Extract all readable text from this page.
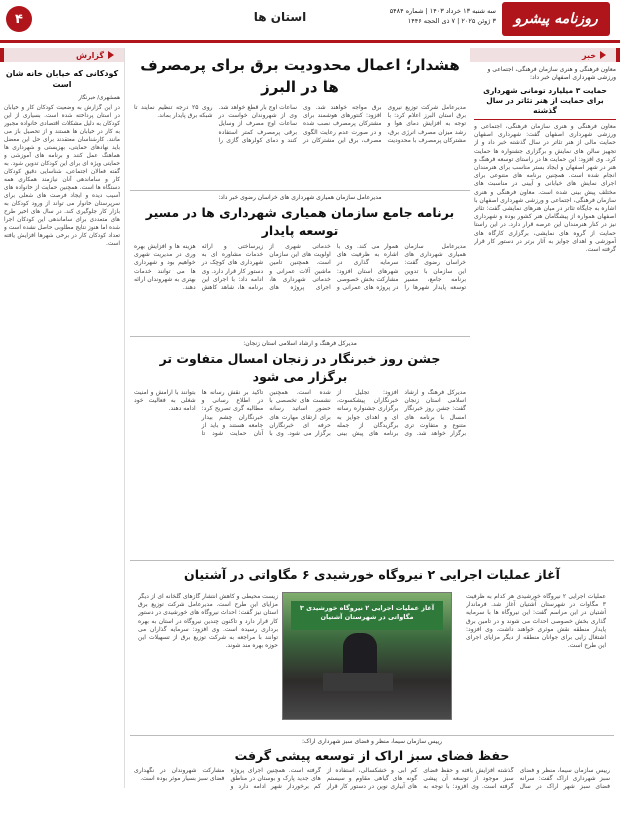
روزنامه پیشرو
سه شنبه ۱۳ خرداد ۱۴۰۳ | شماره ۵۴۸۴
۳ ژوئن ۲۰۲۵ | ۷ ذی الحجه ۱۴۴۶
استان ها
۴
خبر
معاون فرهنگی و هنری سازمان فرهنگی، اجتماعی و ورزشی شهرداری اصفهان خبر داد:
حمایت ۳ میلیارد تومانی شهرداری برای حمایت از هنر تئاتر در سال گذشته
معاون فرهنگی و هنری سازمان فرهنگی، اجتماعی و ورزشی شهرداری اصفهان گفت: شهرداری اصفهان حمایت مالی از هنر تئاتر در سال گذشته خبر داد و از تجهیز سالن های نمایش و برگزاری جشنواره ها حمایت کرد. وی افزود: این حمایت ها در راستای توسعه فرهنگ و هنر در شهر اصفهان و ایجاد بستر مناسب برای هنرمندان انجام شده است. همچنین برنامه های متنوعی برای اجرای نمایش های خیابانی و آیینی در مناسبت های مختلف پیش بینی شده است. معاون فرهنگی و هنری سازمان فرهنگی، اجتماعی و ورزشی شهرداری اصفهان با اشاره به جایگاه تئاتر در میان هنرهای نمایشی گفت: تئاتر اصفهان همواره از پیشگامان هنر کشور بوده و شهرداری نیز در کنار هنرمندان این عرصه قرار دارد. در این راستا حمایت از گروه های نمایشی، برگزاری کارگاه های آموزشی و اهدای جوایز به آثار برتر در دستور کار قرار گرفته است.
گزارش
کودکانی که خیابان خانه شان است
همشهری/ خبرنگار
در این گزارش به وضعیت کودکان کار و خیابان در استان پرداخته شده است. بسیاری از این کودکان به دلیل مشکلات اقتصادی خانواده مجبور به کار در خیابان ها هستند و از تحصیل باز می مانند. کارشناسان معتقدند برای حل این معضل باید نهادهای حمایتی، بهزیستی و شهرداری ها هماهنگ عمل کنند و برنامه های آموزشی و حمایتی ویژه ای برای این کودکان تدوین شود. به گفته فعالان اجتماعی، شناسایی دقیق کودکان کار و ساماندهی آنان نیازمند همکاری همه دستگاه ها است. همچنین حمایت از خانواده های آسیب دیده و ایجاد فرصت های شغلی برای سرپرستان خانوار می تواند از ورود کودکان به بازار کار جلوگیری کند. در سال های اخیر طرح های متعددی برای ساماندهی این کودکان اجرا شده اما هنوز نتایج مطلوبی حاصل نشده است و تعداد کودکان کار در برخی شهرها افزایش یافته است.
هشدار؛ اعمال محدودیت برق برای پرمصرف ها در البرز
مدیرعامل شرکت توزیع نیروی برق استان البرز اعلام کرد: با توجه به افزایش دمای هوا و رشد میزان مصرف انرژی برق، مشترکان پرمصرف با محدودیت برق مواجه خواهند شد. وی افزود: کنتورهای هوشمند برای مشترکان پرمصرف نصب شده و در صورت عدم رعایت الگوی مصرف، برق این مشترکان در ساعات اوج بار قطع خواهد شد. وی از شهروندان خواست در ساعات اوج مصرف از وسایل برقی پرمصرف کمتر استفاده کنند و دمای کولرهای گازی را روی ۲۵ درجه تنظیم نمایند تا شبکه برق پایدار بماند.
مدیرعامل سازمان همیاری شهرداری های خراسان رضوی خبر داد:
برنامه جامع سازمان همیاری شهرداری ها در مسیر توسعه پایدار
مدیرعامل سازمان همیاری شهرداری های خراسان رضوی گفت: این سازمان با تدوین برنامه جامع، مسیر توسعه پایدار شهرها را هموار می کند. وی با اشاره به ظرفیت های سرمایه گذاری در شهرهای استان افزود: مشارکت بخش خصوصی در پروژه های عمرانی و خدماتی شهری از اولویت های این سازمان است. همچنین تامین ماشین آلات عمرانی و خدماتی شهرداری ها، اجرای پروژه های زیرساختی و ارائه خدمات مشاوره ای به شهرداری های کوچک در دستور کار قرار دارد. وی ادامه داد: با اجرای این برنامه ها، شاهد کاهش هزینه ها و افزایش بهره وری در مدیریت شهری خواهیم بود و شهرداری ها می توانند خدمات بهتری به شهروندان ارائه دهند.
مدیرکل فرهنگ و ارشاد اسلامی استان زنجان:
جشن روز خبرنگار در زنجان امسال متفاوت تر برگزار می شود
مدیرکل فرهنگ و ارشاد اسلامی استان زنجان گفت: جشن روز خبرنگار امسال با برنامه های متنوع و متفاوت تری برگزار خواهد شد. وی افزود: تجلیل از خبرنگاران پیشکسوت، برگزاری جشنواره رسانه ای و اهدای جوایز به برگزیدگان از جمله برنامه های پیش بینی شده است. همچنین نشست های تخصصی با حضور اساتید رسانه برای ارتقای مهارت های حرفه ای خبرنگاران برگزار می شود. وی با تاکید بر نقش رسانه ها در اطلاع رسانی و مطالبه گری تصریح کرد: خبرنگاران چشم بیدار جامعه هستند و باید از آنان حمایت شود تا بتوانند با آرامش و امنیت شغلی به فعالیت خود ادامه دهند.
آغاز عملیات اجرایی ۲ نیروگاه خورشیدی ۶ مگاواتی در آشتیان
عملیات اجرایی ۲ نیروگاه خورشیدی هر کدام به ظرفیت ۳ مگاوات در شهرستان آشتیان آغاز شد. فرماندار آشتیان در این مراسم گفت: این نیروگاه ها با سرمایه گذاری بخش خصوصی احداث می شوند و در تامین برق پایدار منطقه نقش موثری خواهند داشت. وی افزود: اشتغال زایی برای جوانان منطقه از دیگر مزایای اجرای این طرح است.
زیست محیطی و کاهش انتشار گازهای گلخانه ای از دیگر مزایای این طرح است. مدیرعامل شرکت توزیع برق استان نیز گفت: احداث نیروگاه های خورشیدی در دستور کار قرار دارد و تاکنون چندین نیروگاه در استان به بهره برداری رسیده است. وی افزود: سرمایه گذاران می توانند با مراجعه به شرکت توزیع برق از تسهیلات این حوزه بهره مند شوند.
آغاز عملیات اجرایی ۲ نیروگاه خورشیدی ۳ مگاواتی در شهرستان آشتیان
رییس سازمان سیما، منظر و فضای سبز شهرداری اراک:
حفظ فضای سبز اراک از توسعه پیشی گرفت
رییس سازمان سیما، منظر و فضای سبز شهرداری اراک گفت: سرانه فضای سبز شهر اراک در سال گذشته افزایش یافته و حفظ فضای سبز موجود از توسعه آن پیشی گرفته است. وی افزود: با توجه به کم آبی و خشکسالی، استفاده از گونه های گیاهی مقاوم و سیستم های آبیاری نوین در دستور کار قرار گرفته است. همچنین اجرای پروژه های جدید پارک و بوستان در مناطق کم برخوردار شهر ادامه دارد و مشارکت شهروندان در نگهداری فضای سبز بسیار موثر بوده است.
